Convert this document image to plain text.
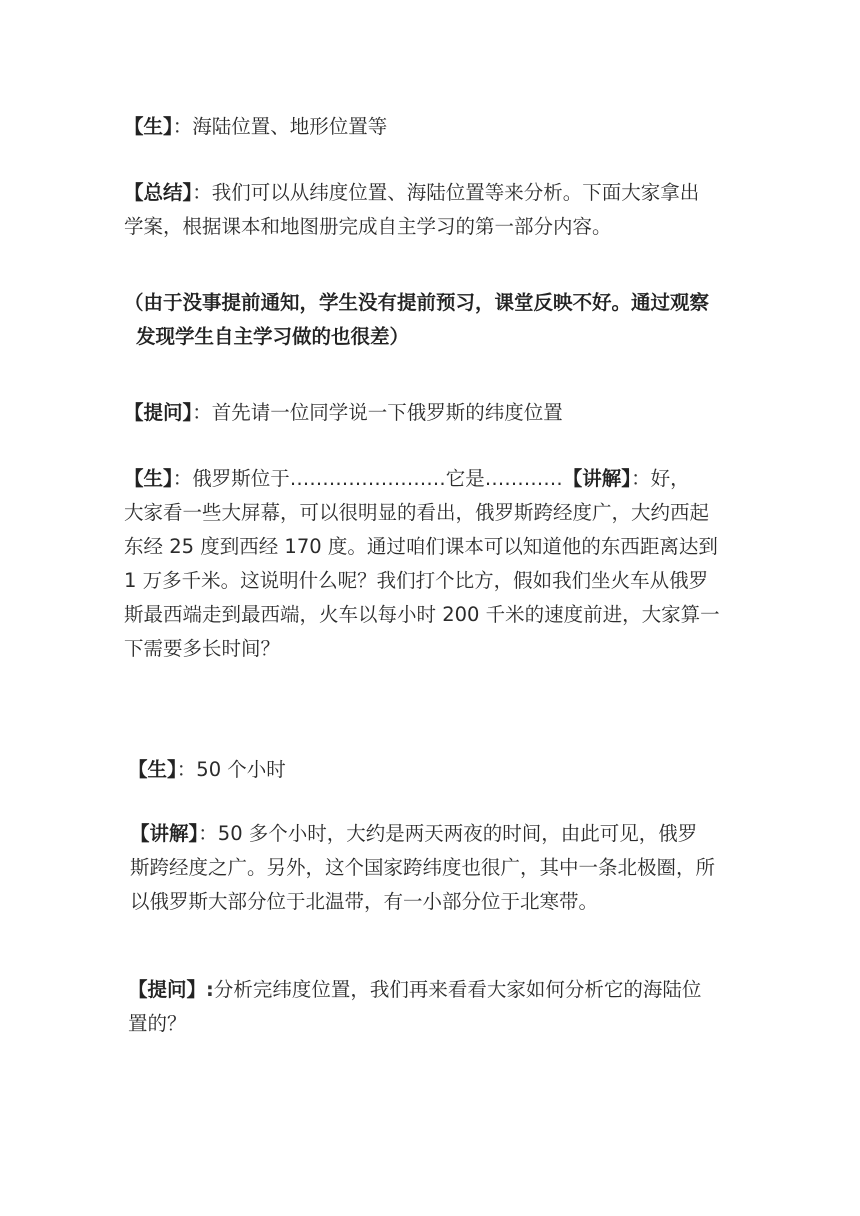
【生】：海陆位置、地形位置等
【总结】：我们可以从纬度位置、海陆位置等来分析。下面大家拿出
学案，根据课本和地图册完成自主学习的第一部分内容。
（由于没事提前通知，学生没有提前预习，课堂反映不好。通过观察
发现学生自主学习做的也很差）
【提问】：首先请一位同学说一下俄罗斯的纬度位置
【生】：俄罗斯位于……………………它是…………【讲解】：好，
大家看一些大屏幕，可以很明显的看出，俄罗斯跨经度广，大约西起
东经 25 度到西经 170 度。通过咱们课本可以知道他的东西距离达到
1 万多千米。这说明什么呢？我们打个比方，假如我们坐火车从俄罗
斯最西端走到最西端，火车以每小时 200 千米的速度前进，大家算一
下需要多长时间？
【生】：50 个小时
【讲解】：50 多个小时，大约是两天两夜的时间，由此可见，俄罗
斯跨经度之广。另外，这个国家跨纬度也很广，其中一条北极圈，所
以俄罗斯大部分位于北温带，有一小部分位于北寒带。
【提问】:分析完纬度位置，我们再来看看大家如何分析它的海陆位
置的？
